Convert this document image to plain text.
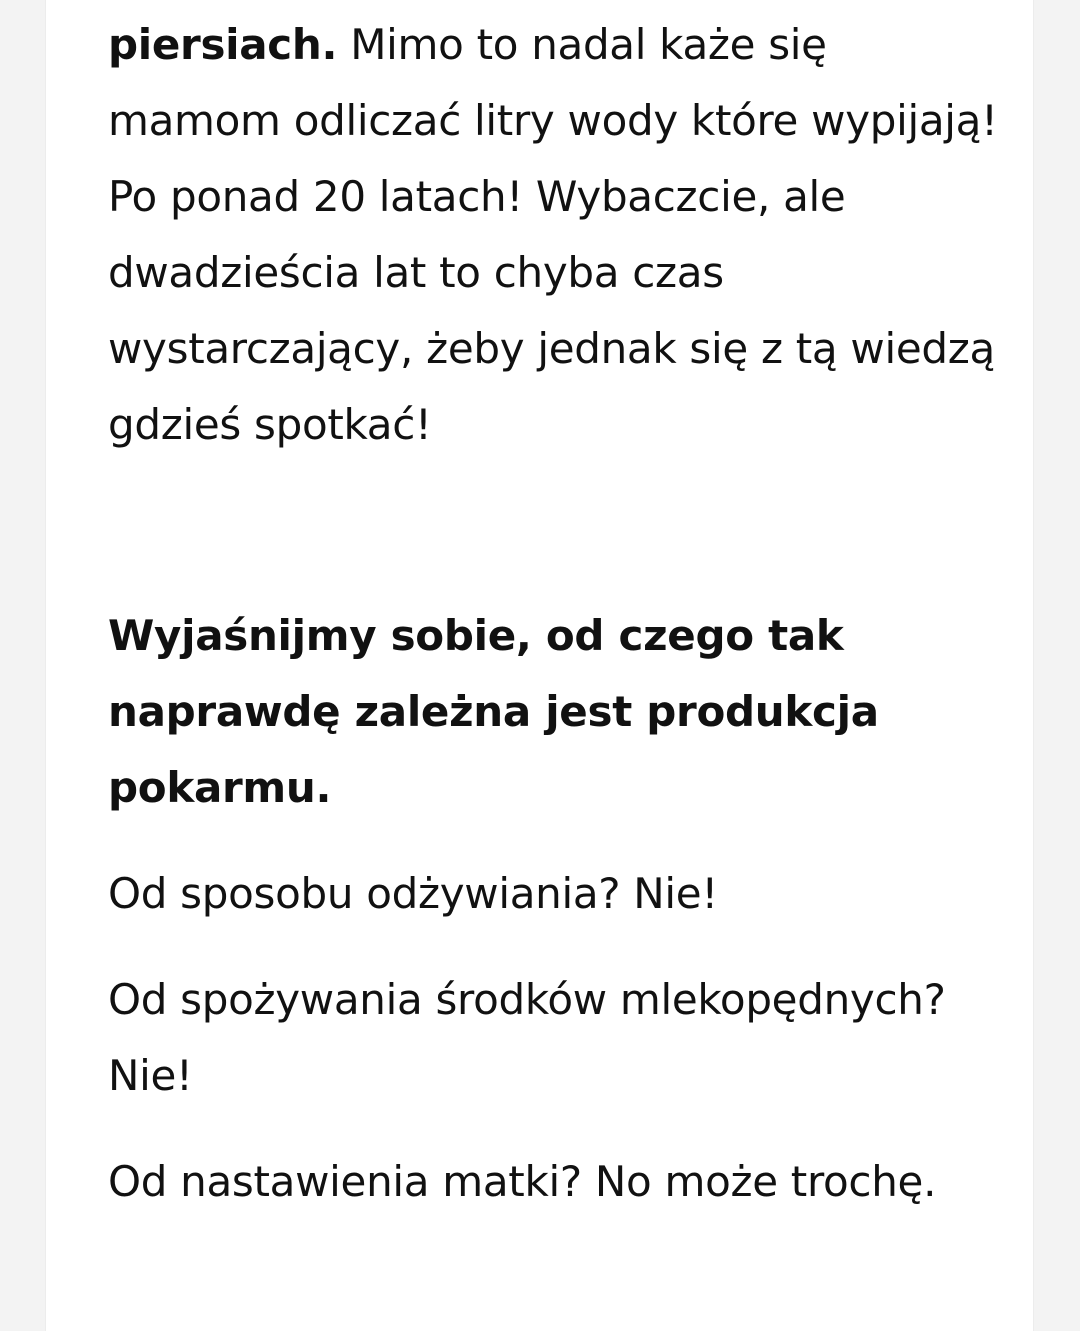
piersiach. Mimo to nadal każe się mamom odliczać litry wody które wypijają! Po ponad 20 latach! Wybaczcie, ale dwadzieścia lat to chyba czas wystarczający, żeby jednak się z tą wiedzą gdzieś spotkać!

Wyjaśnijmy sobie, od czego tak naprawdę zależna jest produkcja pokarmu.

Od sposobu odżywiania? Nie!

Od spożywania środków mlekopędnych? Nie!

Od nastawienia matki? No może trochę.
